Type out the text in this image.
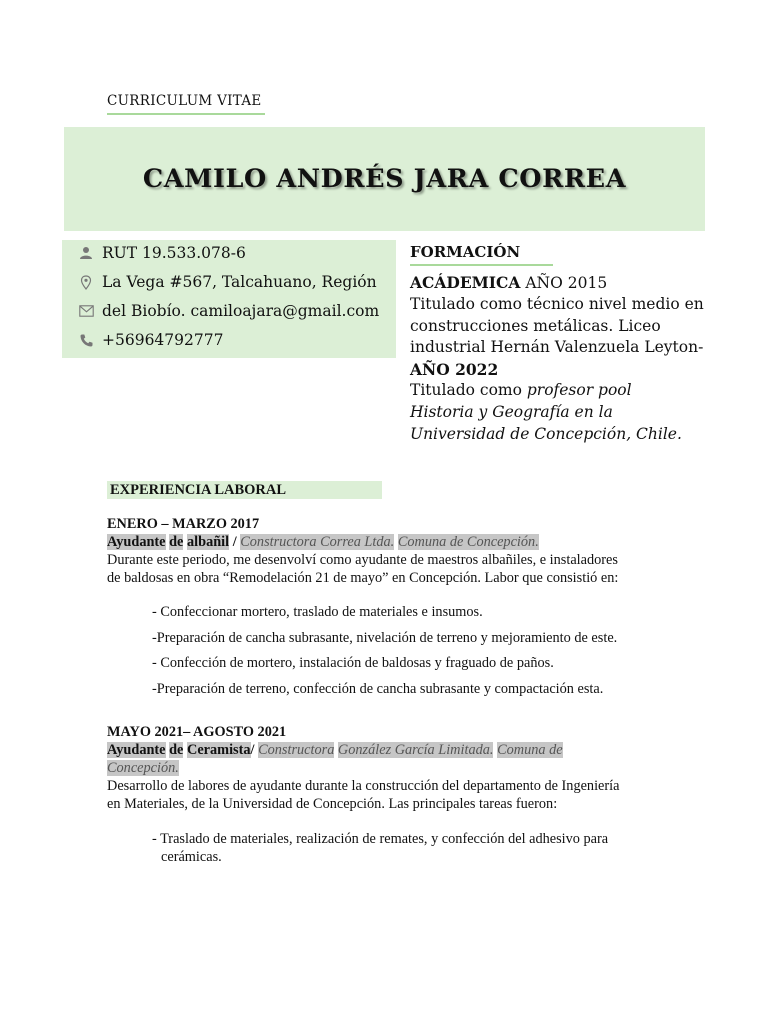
CURRICULUM VITAE
CAMILO ANDRÉS JARA CORREA
RUT 19.533.078-6
La Vega #567, Talcahuano, Región
del Biobío. camiloajara@gmail.com
+56964792777
FORMACIÓN
ACÁDEMICA AÑO 2015
Titulado como técnico nivel medio en
construcciones metálicas. Liceo
industrial Hernán Valenzuela Leyton-
AÑO 2022
Titulado como profesor pool
Historia y Geografía en la
Universidad de Concepción, Chile.
EXPERIENCIA LABORAL
ENERO – MARZO 2017
Ayudante de albañil / Constructora Correa Ltda. Comuna de Concepción.
Durante este periodo, me desenvolví como ayudante de maestros albañiles, e instaladores
de baldosas en obra “Remodelación 21 de mayo” en Concepción. Labor que consistió en:
- Confeccionar mortero, traslado de materiales e insumos.
-Preparación de cancha subrasante, nivelación de terreno y mejoramiento de este.
- Confección de mortero, instalación de baldosas y fraguado de paños.
-Preparación de terreno, confección de cancha subrasante y compactación esta.
MAYO 2021– AGOSTO 2021
Ayudante de Ceramista/ Constructora González García Limitada. Comuna de
Concepción.
Desarrollo de labores de ayudante durante la construcción del departamento de Ingeniería
en Materiales, de la Universidad de Concepción. Las principales tareas fueron:
- Traslado de materiales, realización de remates, y confección del adhesivo para
cerámicas.
